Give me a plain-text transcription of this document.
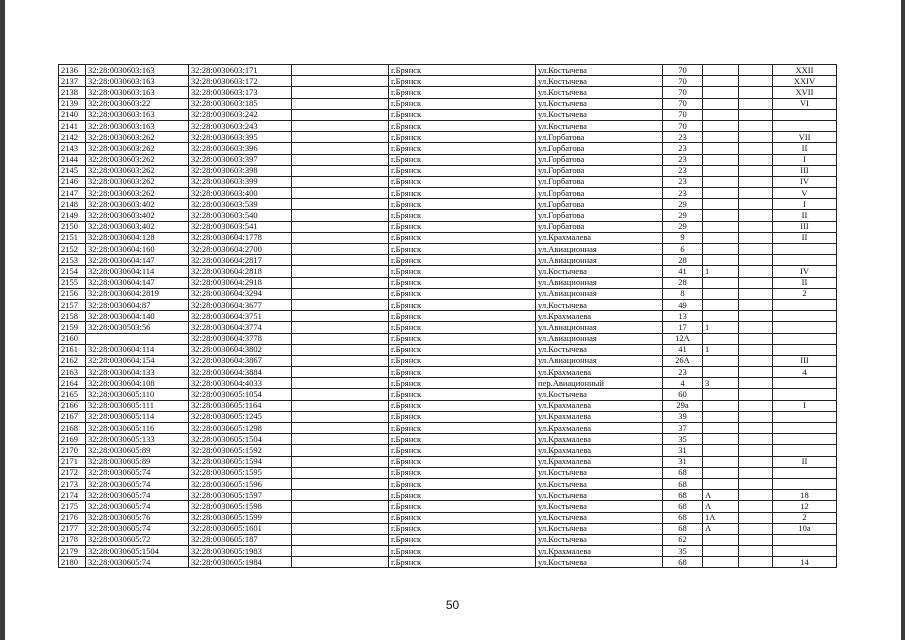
2136	32:28:0030603:163	32:28:0030603:171		г.Брянск	ул.Костычева	70			XXII
2137	32:28:0030603:163	32:28:0030603:172		г.Брянск	ул.Костычева	70			XXIV
2138	32:28:0030603:163	32:28:0030603:173		г.Брянск	ул.Костычева	70			XVII
2139	32:28:0030603:22	32:28:0030603:185		г.Брянск	ул.Костычева	70			VI
2140	32:28:0030603:163	32:28:0030603:242		г.Брянск	ул.Костычева	70			
2141	32:28:0030603:163	32:28:0030603:243		г.Брянск	ул.Костычева	70			
2142	32:28:0030603:262	32:28:0030603:395		г.Брянск	ул.Горбатова	23			VII
2143	32:28:0030603:262	32:28:0030603:396		г.Брянск	ул.Горбатова	23			II
2144	32:28:0030603:262	32:28:0030603:397		г.Брянск	ул.Горбатова	23			I
2145	32:28:0030603:262	32:28:0030603:398		г.Брянск	ул.Горбатова	23			III
2146	32:28:0030603:262	32:28:0030603:399		г.Брянск	ул.Горбатова	23			IV
2147	32:28:0030603:262	32:28:0030603:400		г.Брянск	ул.Горбатова	23			V
2148	32:28:0030603:402	32:28:0030603:539		г.Брянск	ул.Горбатова	29			I
2149	32:28:0030603:402	32:28:0030603:540		г.Брянск	ул.Горбатова	29			II
2150	32:28:0030603:402	32:28:0030603:541		г.Брянск	ул.Горбатова	29			III
2151	32:28:0030604:128	32:28:0030604:1778		г.Брянск	ул.Крахмалева	9			II
2152	32:28:0030604:160	32:28:0030604:2700		г.Брянск	ул.Авиационная	6			
2153	32:28:0030604:147	32:28:0030604:2817		г.Брянск	ул.Авиационная	28			
2154	32:28:0030604:114	32:28:0030604:2818		г.Брянск	ул.Костычева	41	1		IV
2155	32:28:0030604:147	32:28:0030604:2918		г.Брянск	ул.Авиационная	28			II
2156	32:28:0030604:2819	32:28:0030604:3294		г.Брянск	ул.Авиационная	8			2
2157	32:28:0030604:87	32:28:0030604:3677		г.Брянск	ул.Костычева	49			
2158	32:28:0030604:140	32:28:0030604:3751		г.Брянск	ул.Крахмалева	13			
2159	32:28:0030503:56	32:28:0030604:3774		г.Брянск	ул.Авиационная	17	1		
2160		32:28:0030604:3778		г.Брянск	ул.Авиационная	12А			
2161	32:28:0030604:114	32:28:0030604:3802		г.Брянск	ул.Костычева	41	1		
2162	32:28:0030604:154	32:28:0030604:3867		г.Брянск	ул.Авиационная	26А			III
2163	32:28:0030604:133	32:28:0030604:3884		г.Брянск	ул.Крахмалева	23			4
2164	32:28:0030604:108	32:28:0030604:4033		г.Брянск	пер.Авиационный	4	3		
2165	32:28:0030605:110	32:28:0030605:1054		г.Брянск	ул.Костычева	60			
2166	32:28:0030605:111	32:28:0030605:1164		г.Брянск	ул.Крахмалева	29а			I
2167	32:28:0030605:114	32:28:0030605:1245		г.Брянск	ул.Крахмалева	39			
2168	32:28:0030605:116	32:28:0030605:1298		г.Брянск	ул.Крахмалева	37			
2169	32:28:0030605:133	32:28:0030605:1504		г.Брянск	ул.Крахмалева	35			
2170	32:28:0030605:89	32:28:0030605:1592		г.Брянск	ул.Крахмалева	31			
2171	32:28:0030605:89	32:28:0030605:1594		г.Брянск	ул.Крахмалева	31			II
2172	32:28:0030605:74	32:28:0030605:1595		г.Брянск	ул.Костычева	68			
2173	32:28:0030605:74	32:28:0030605:1596		г.Брянск	ул.Костычева	68			
2174	32:28:0030605:74	32:28:0030605:1597		г.Брянск	ул.Костычева	68	А		18
2175	32:28:0030605:74	32:28:0030605:1598		г.Брянск	ул.Костычева	68	А		12
2176	32:28:0030605:76	32:28:0030605:1599		г.Брянск	ул.Костычева	68	1А		2
2177	32:28:0030605:74	32:28:0030605:1601		г.Брянск	ул.Костычева	68	А		10а
2178	32:28:0030605:72	32:28:0030605:187		г.Брянск	ул.Костычева	62			
2179	32:28:0030605:1504	32:28:0030605:1983		г.Брянск	ул.Крахмалева	35			
2180	32:28:0030605:74	32:28:0030605:1984		г.Брянск	ул.Костычева	68			14
50
